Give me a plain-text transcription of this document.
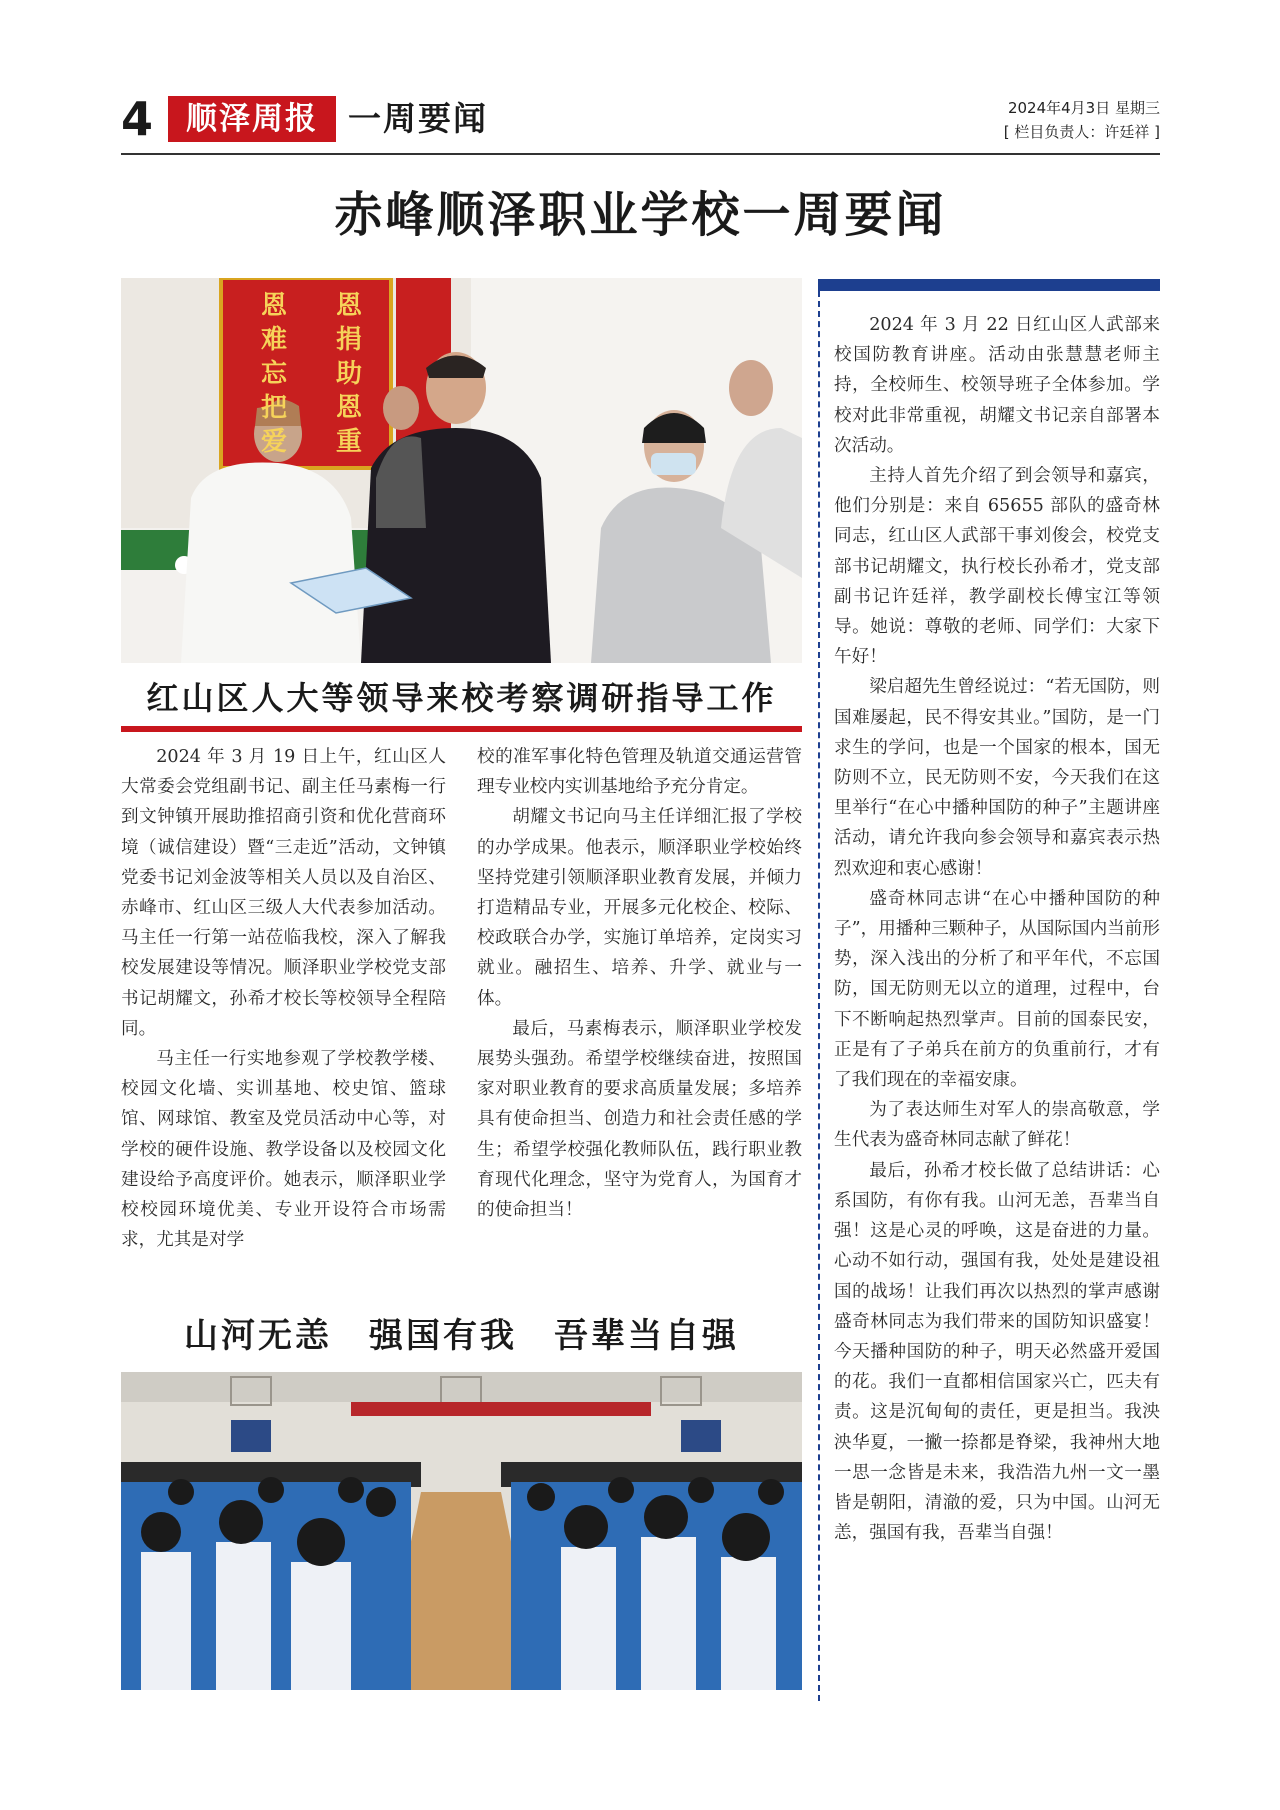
4	顺泽周报 一周要闻	2024年4月3日 星期三
[ 栏目负责人：许廷祥 ]
赤峰顺泽职业学校一周要闻
恩
捐
助
恩
重
恩
难
忘
把
爱
红山区人大等领导来校考察调研指导工作

2024 年 3 月 19 日上午，红山区人大常委会党组副书记、副主任马素梅一行到文钟镇开展助推招商引资和优化营商环境（诚信建设）暨“三走近”活动，文钟镇党委书记刘金波等相关人员以及自治区、赤峰市、红山区三级人大代表参加活动。马主任一行第一站莅临我校，深入了解我校发展建设等情况。顺泽职业学校党支部书记胡耀文，孙希才校长等校领导全程陪同。

马主任一行实地参观了学校教学楼、校园文化墙、实训基地、校史馆、篮球馆、网球馆、教室及党员活动中心等，对学校的硬件设施、教学设备以及校园文化建设给予高度评价。她表示，顺泽职业学校校园环境优美、专业开设符合市场需求，尤其是对学

校的准军事化特色管理及轨道交通运营管理专业校内实训基地给予充分肯定。

胡耀文书记向马主任详细汇报了学校的办学成果。他表示，顺泽职业学校始终坚持党建引领顺泽职业教育发展，并倾力打造精品专业，开展多元化校企、校际、校政联合办学，实施订单培养，定岗实习就业。融招生、培养、升学、就业与一体。

最后，马素梅表示，顺泽职业学校发展势头强劲。希望学校继续奋进，按照国家对职业教育的要求高质量发展；多培养具有使命担当、创造力和社会责任感的学生；希望学校强化教师队伍，践行职业教育现代化理念，坚守为党育人，为国育才的使命担当！

山河无恙　强国有我　吾辈当自强

2024 年 3 月 22 日红山区人武部来校国防教育讲座。活动由张慧慧老师主持，全校师生、校领导班子全体参加。学校对此非常重视，胡耀文书记亲自部署本次活动。

主持人首先介绍了到会领导和嘉宾，他们分别是：来自 65655 部队的盛奇林同志，红山区人武部干事刘俊会，校党支部书记胡耀文，执行校长孙希才，党支部副书记许廷祥，教学副校长傅宝江等领导。她说：尊敬的老师、同学们：大家下午好！

梁启超先生曾经说过：“若无国防，则国难屡起，民不得安其业。”国防，是一门求生的学问，也是一个国家的根本，国无防则不立，民无防则不安，今天我们在这里举行“在心中播种国防的种子”主题讲座活动，请允许我向参会领导和嘉宾表示热烈欢迎和衷心感谢！

盛奇林同志讲“在心中播种国防的种子”，用播种三颗种子，从国际国内当前形势，深入浅出的分析了和平年代，不忘国防，国无防则无以立的道理，过程中，台下不断响起热烈掌声。目前的国泰民安，正是有了子弟兵在前方的负重前行，才有了我们现在的幸福安康。

为了表达师生对军人的崇高敬意，学生代表为盛奇林同志献了鲜花！

最后，孙希才校长做了总结讲话：心系国防，有你有我。山河无恙，吾辈当自强！这是心灵的呼唤，这是奋进的力量。心动不如行动，强国有我，处处是建设祖国的战场！让我们再次以热烈的掌声感谢盛奇林同志为我们带来的国防知识盛宴！今天播种国防的种子，明天必然盛开爱国的花。我们一直都相信国家兴亡，匹夫有责。这是沉甸甸的责任，更是担当。我泱泱华夏，一撇一捺都是脊梁，我神州大地一思一念皆是未来，我浩浩九州一文一墨皆是朝阳，清澈的爱，只为中国。山河无恙，强国有我，吾辈当自强！
